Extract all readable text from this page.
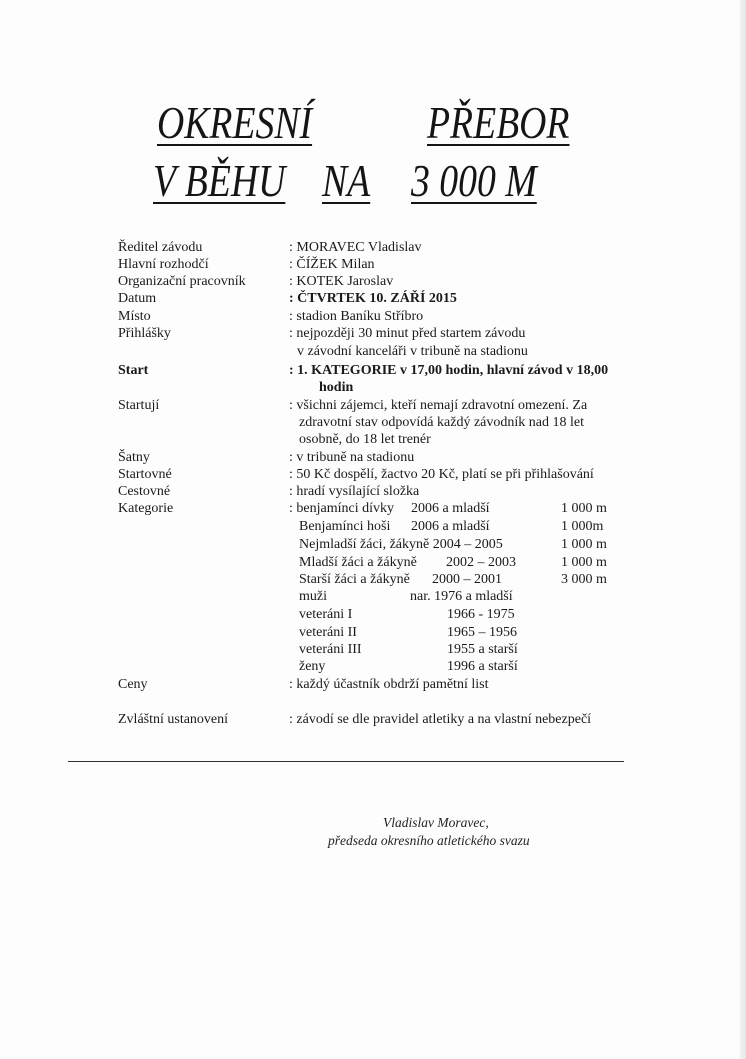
OKRESNÍ PŘEBOR
V BĚHU NA 3 000 M
Ředitel závodu	: MORAVEC Vladislav
Hlavní rozhodčí	: ČÍŽEK Milan
Organizační pracovník	: KOTEK Jaroslav
Datum	: ČTVRTEK 10. ZÁŘÍ 2015
Místo	: stadion Baníku Stříbro
Přihlášky	: nejpozději 30 minut před startem závodu
v závodní kanceláři v tribuně na stadionu
Start	: 1. KATEGORIE v 17,00 hodin, hlavní závod v 18,00
hodin
Startují	: všichni zájemci, kteří nemají zdravotní omezení. Za
zdravotní stav odpovídá každý závodník nad 18 let
osobně, do 18 let trenér
Šatny	: v tribuně na stadionu
Startovné	: 50 Kč dospělí, žactvo 20 Kč, platí se při přihlašování
Cestovné	: hradí vysílající složka
Kategorie	: benjamínci dívky 2006 a mladší	1 000 m
Benjamínci hoši 2006 a mladší	1 000m
Nejmladší žáci, žákyně 2004 – 2005	1 000 m
Mladší žáci a žákyně 2002 – 2003	1 000 m
Starší žáci a žákyně 2000 – 2001	3 000 m
muži	nar. 1976 a mladší
veteráni I	1966 - 1975
veteráni II	1965 – 1956
veteráni III	1955 a starší
ženy	1996 a starší
Ceny	: každý účastník obdrží pamětní list
Zvláštní ustanovení	: závodí se dle pravidel atletiky a na vlastní nebezpečí
Vladislav Moravec,
předseda okresního atletického svazu
